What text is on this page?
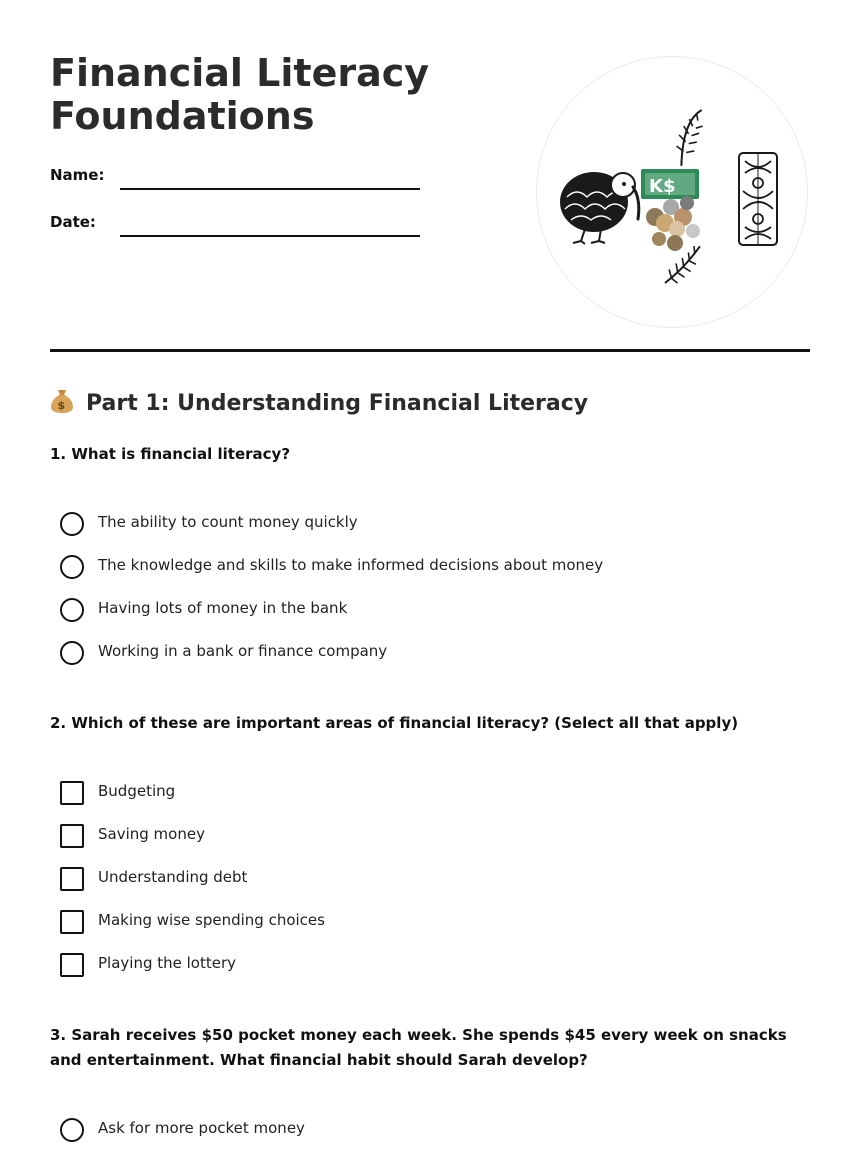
Financial Literacy
Foundations
Name:
Date:
K$
$ Part 1: Understanding Financial Literacy

1. What is financial literacy?

The ability to count money quickly
The knowledge and skills to make informed decisions about money
Having lots of money in the bank
Working in a bank or finance company

2. Which of these are important areas of financial literacy? (Select all that apply)

Budgeting
Saving money
Understanding debt
Making wise spending choices
Playing the lottery

3. Sarah receives $50 pocket money each week. She spends $45 every week on snacks and entertainment. What financial habit should Sarah develop?

Ask for more pocket money
